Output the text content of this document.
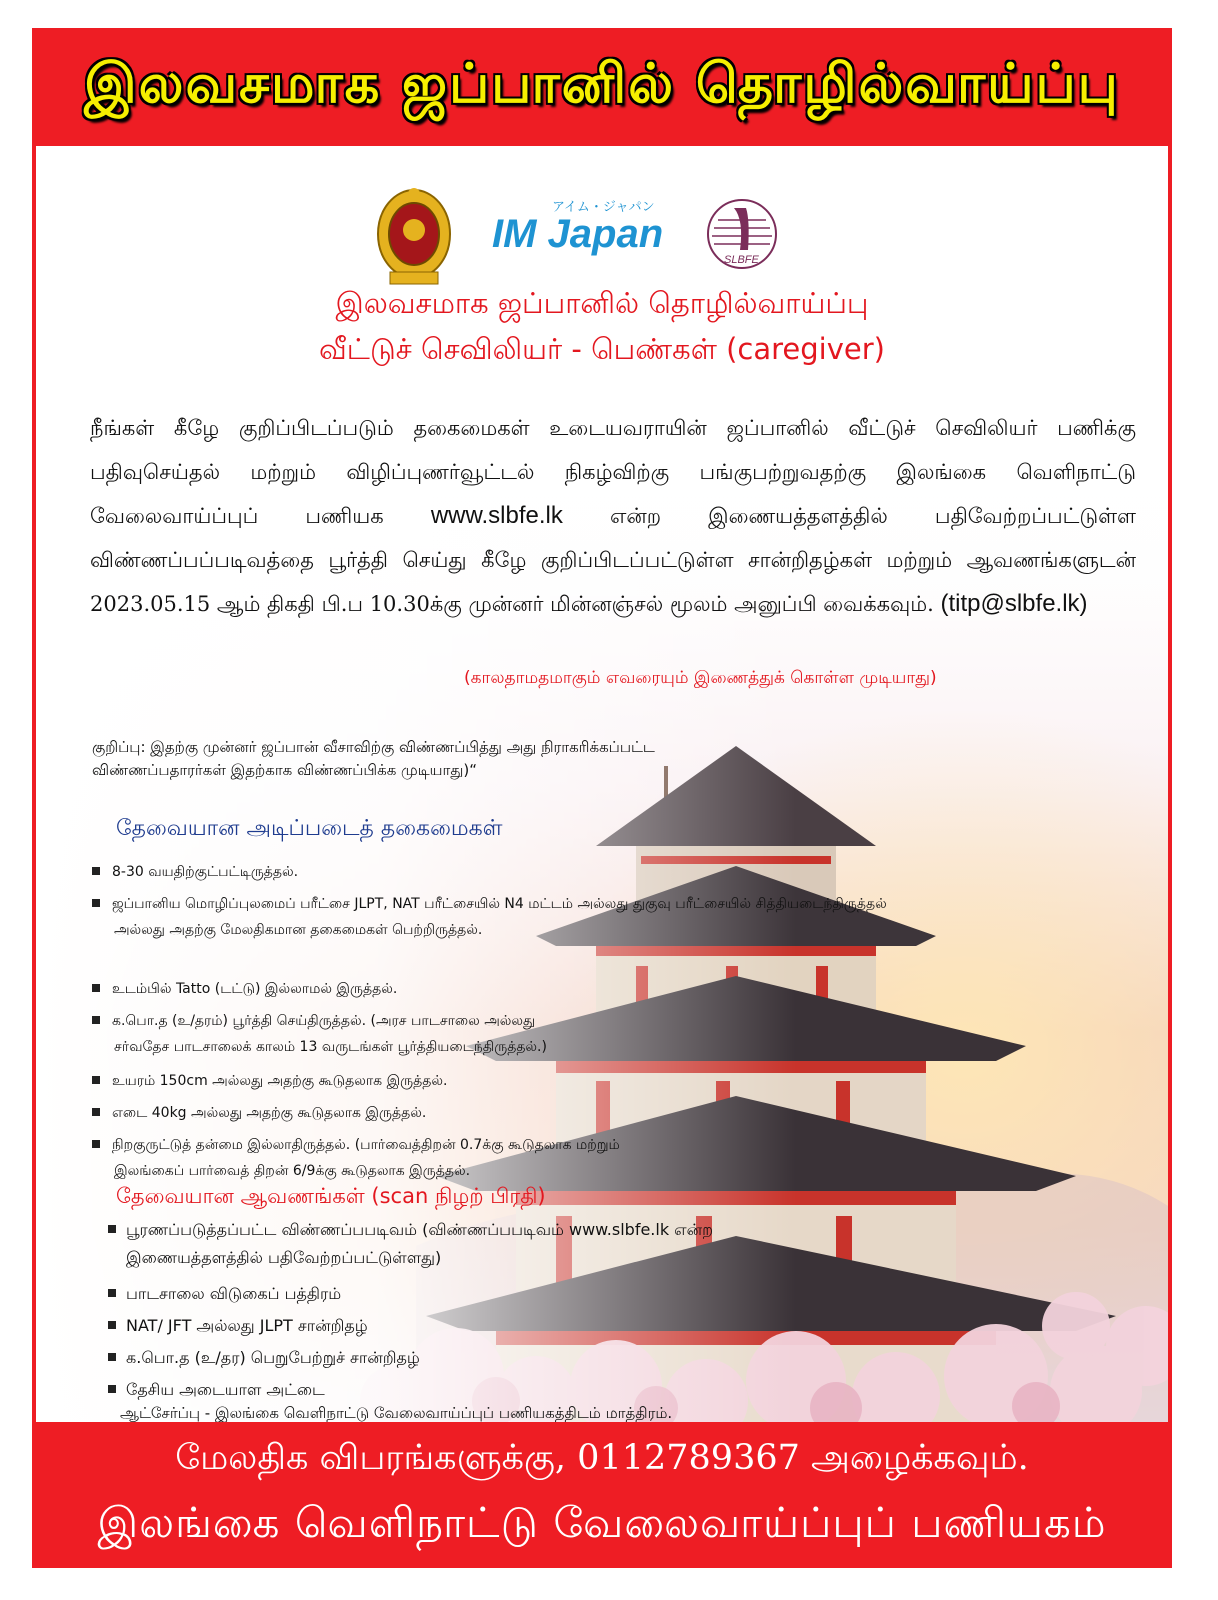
இலவசமாக ஜப்பானில் தொழில்வாய்ப்பு
アイム・ジャパン
IM Japan
SLBFE
இலவசமாக ஜப்பானில் தொழில்வாய்ப்பு
வீட்டுச் செவிலியர் - பெண்கள் (caregiver)
நீங்கள் கீழே குறிப்பிடப்படும் தகைமைகள் உடையவராயின் ஜப்பானில் வீட்டுச் செவிலியர் பணிக்கு பதிவுசெய்தல் மற்றும் விழிப்புணர்வூட்டல் நிகழ்விற்கு பங்குபற்றுவதற்கு இலங்கை வெளிநாட்டு வேலைவாய்ப்புப் பணியக www.slbfe.lk என்ற இணையத்தளத்தில் பதிவேற்றப்பட்டுள்ள விண்ணப்பப்படிவத்தை பூர்த்தி செய்து கீழே குறிப்பிடப்பட்டுள்ள சான்றிதழ்கள் மற்றும் ஆவணங்களுடன் 2023.05.15 ஆம் திகதி பி.ப 10.30க்கு முன்னர் மின்னஞ்சல் மூலம் அனுப்பி வைக்கவும். (titp@slbfe.lk)
(காலதாமதமாகும் எவரையும் இணைத்துக் கொள்ள முடியாது)
குறிப்பு: இதற்கு முன்னர் ஜப்பான் வீசாவிற்கு விண்ணப்பித்து அது நிராகரிக்கப்பட்ட
விண்ணப்பதாரர்கள் இதற்காக விண்ணப்பிக்க முடியாது)“
தேவையான அடிப்படைத் தகைமைகள்
8-30 வயதிற்குட்பட்டிருத்தல்.
ஜப்பானிய மொழிப்புலமைப் பரீட்சை JLPT, NAT பரீட்சையில் N4 மட்டம் அல்லது துகுவு பரீட்சையில் சித்தியடைந்திருத்தல்
அல்லது அதற்கு மேலதிகமான தகைமைகள் பெற்றிருத்தல்.
உடம்பில் Tatto (டட்டு) இல்லாமல் இருத்தல்.
க.பொ.த (உ/தரம்) பூர்த்தி செய்திருத்தல். (அரச பாடசாலை அல்லது
சர்வதேச பாடசாலைக் காலம் 13 வருடங்கள் பூர்த்தியடைந்திருத்தல்.)
உயரம் 150cm அல்லது அதற்கு கூடுதலாக இருத்தல்.
எடை 40kg அல்லது அதற்கு கூடுதலாக இருத்தல்.
நிறகுருட்டுத் தன்மை இல்லாதிருத்தல். (பார்வைத்திறன் 0.7க்கு கூடுதலாக மற்றும்
இலங்கைப் பார்வைத் திறன் 6/9க்கு கூடுதலாக இருத்தல்.
தேவையான ஆவணங்கள் (scan நிழற் பிரதி)
பூரணப்படுத்தப்பட்ட விண்ணப்பபடிவம் (விண்ணப்பபடிவம் www.slbfe.lk என்ற
இணையத்தளத்தில் பதிவேற்றப்பட்டுள்ளது)
பாடசாலை விடுகைப் பத்திரம்
NAT/ JFT அல்லது JLPT சான்றிதழ்
க.பொ.த (உ/தர) பெறுபேற்றுச் சான்றிதழ்
தேசிய அடையாள அட்டை
ஆட்சேர்ப்பு - இலங்கை வெளிநாட்டு வேலைவாய்ப்புப் பணியகத்திடம் மாத்திரம்.
மேலதிக விபரங்களுக்கு, 0112789367 அழைக்கவும்.
இலங்கை வெளிநாட்டு வேலைவாய்ப்புப் பணியகம்
